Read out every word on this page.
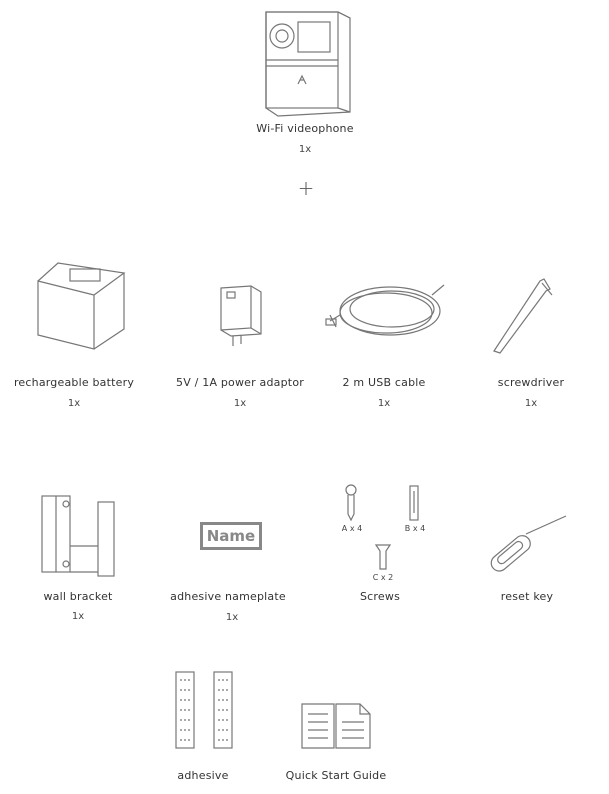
Wi-Fi videophone
1x
+
rechargeable battery
1x
5V / 1A power adaptor
1x
2 m USB cable
1x
screwdriver
1x
Name	A x 4	B x 4
C x 2
wall bracket
1x
adhesive nameplate
1x
Screws	reset key
adhesive	Quick Start Guide
